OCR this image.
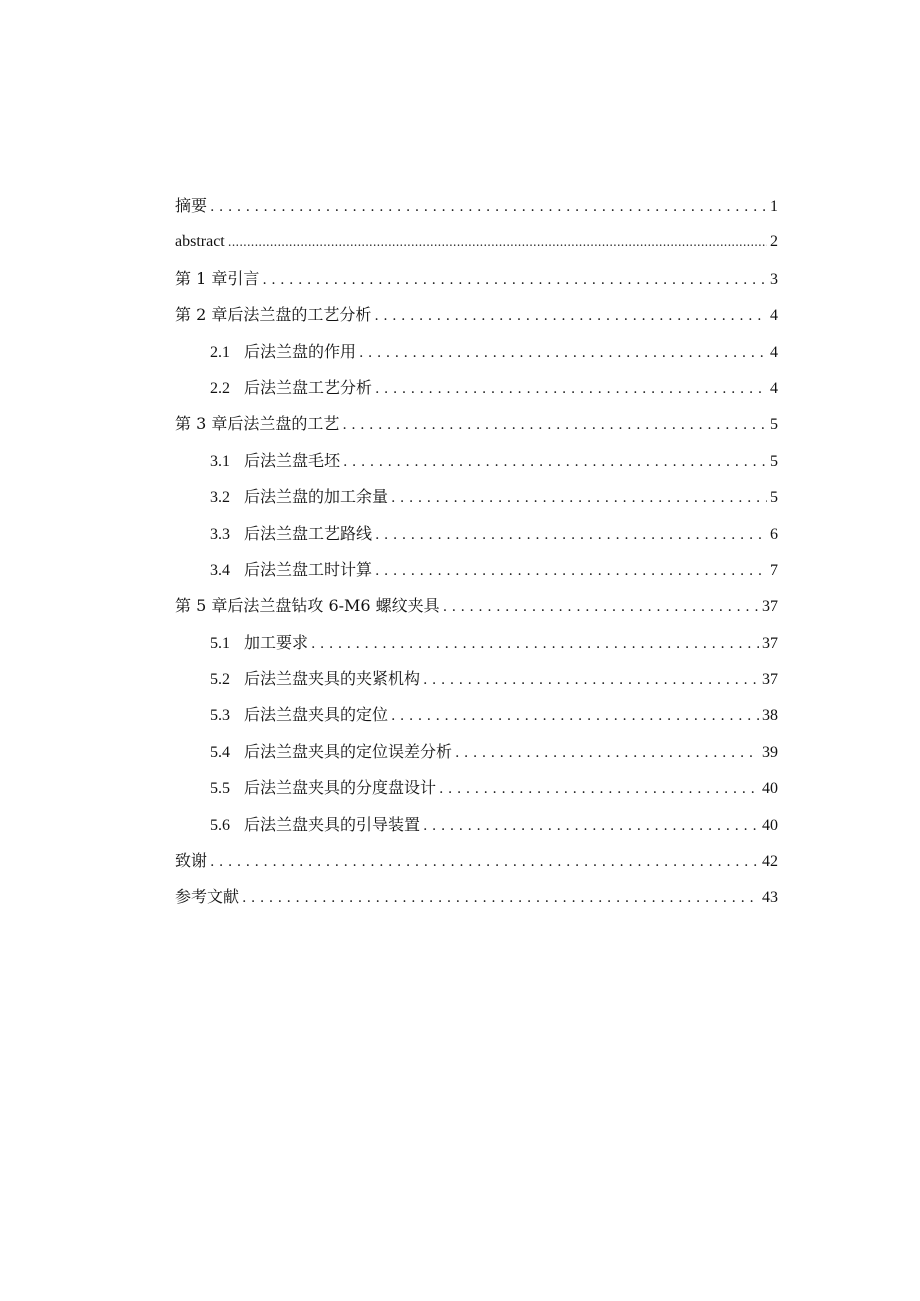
摘要 . . .	1
abstract .....	2
第 1 章引言 . . .	3
第 2 章后法兰盘的工艺分析 . . .	4
2.1 后法兰盘的作用 . . .	4
2.2 后法兰盘工艺分析 . . .	4
第 3 章后法兰盘的工艺 . . .	5
3.1 后法兰盘毛坯 . . .	5
3.2 后法兰盘的加工余量 . . .	5
3.3 后法兰盘工艺路线 . . .	6
3.4 后法兰盘工时计算 . . .	7
第 5 章后法兰盘钻攻 6-M6 螺纹夹具 . . .	37
5.1 加工要求 . . .	37
5.2 后法兰盘夹具的夹紧机构 . . .	37
5.3 后法兰盘夹具的定位 . . .	38
5.4 后法兰盘夹具的定位误差分析 . . .	39
5.5 后法兰盘夹具的分度盘设计 . . .	40
5.6 后法兰盘夹具的引导装置 . . .	40
致谢 . . .	42
参考文献 . . .	43
